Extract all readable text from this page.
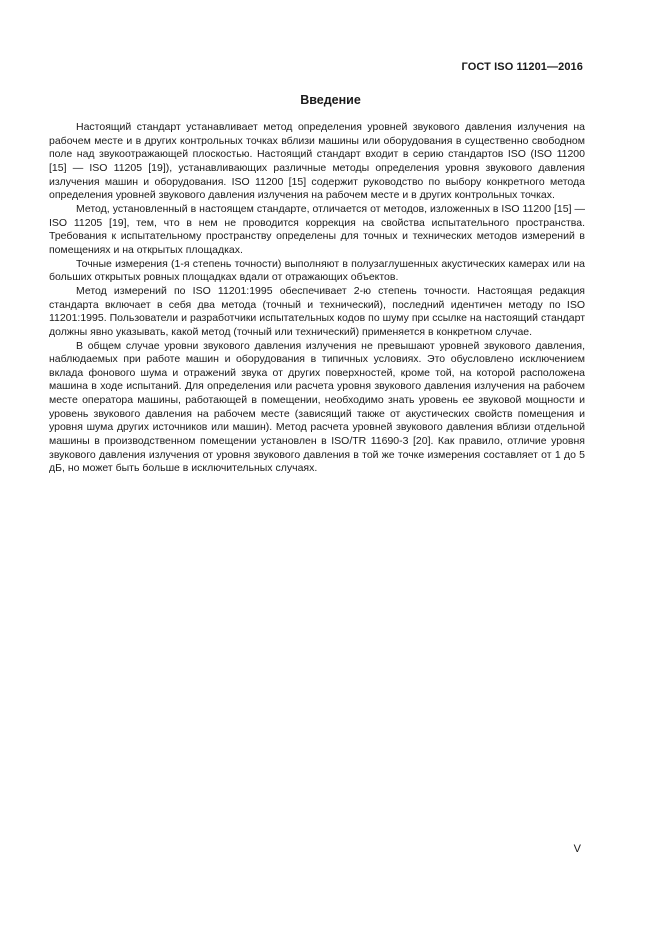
ГОСТ ISO 11201—2016

Введение

Настоящий стандарт устанавливает метод определения уровней звукового давления излучения на рабочем месте и в других контрольных точках вблизи машины или оборудования в существенно свободном поле над звукоотражающей плоскостью. Настоящий стандарт входит в серию стандартов ISO (ISO 11200 [15] — ISO 11205 [19]), устанавливающих различные методы определения уровня звукового давления излучения машин и оборудования. ISO 11200 [15] содержит руководство по выбору конкретного метода определения уровней звукового давления излучения на рабочем месте и в других контрольных точках.

Метод, установленный в настоящем стандарте, отличается от методов, изложенных в ISO 11200 [15] — ISO 11205 [19], тем, что в нем не проводится коррекция на свойства испытательного пространства. Требования к испытательному пространству определены для точных и технических методов измерений в помещениях и на открытых площадках.

Точные измерения (1-я степень точности) выполняют в полузаглушенных акустических камерах или на больших открытых ровных площадках вдали от отражающих объектов.

Метод измерений по ISO 11201:1995 обеспечивает 2-ю степень точности. Настоящая редакция стандарта включает в себя два метода (точный и технический), последний идентичен методу по ISO 11201:1995. Пользователи и разработчики испытательных кодов по шуму при ссылке на настоящий стандарт должны явно указывать, какой метод (точный или технический) применяется в конкретном случае.

В общем случае уровни звукового давления излучения не превышают уровней звукового давления, наблюдаемых при работе машин и оборудования в типичных условиях. Это обусловлено исключением вклада фонового шума и отражений звука от других поверхностей, кроме той, на которой расположена машина в ходе испытаний. Для определения или расчета уровня звукового давления излучения на рабочем месте оператора машины, работающей в помещении, необходимо знать уровень ее звуковой мощности и уровень звукового давления на рабочем месте (зависящий также от акустических свойств помещения и уровня шума других источников или машин). Метод расчета уровней звукового давления вблизи отдельной машины в производственном помещении установлен в ISO/TR 11690-3 [20]. Как правило, отличие уровня звукового давления излучения от уровня звукового давления в той же точке измерения составляет от 1 до 5 дБ, но может быть больше в исключительных случаях.

V
